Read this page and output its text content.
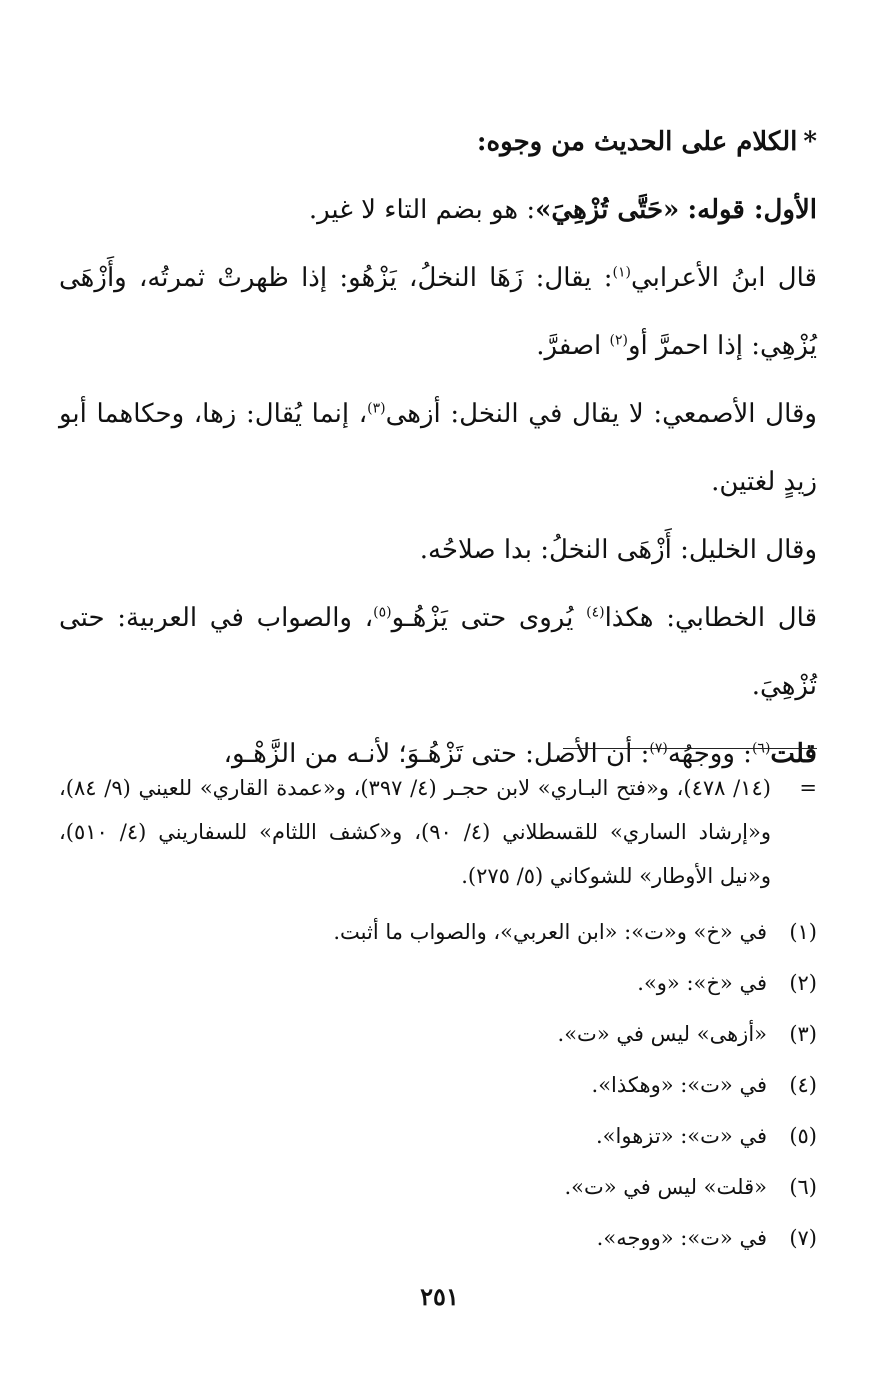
*الكلام على الحديث من وجوه:

الأول: قوله: «حَتَّى تُزْهِيَ»: هو بضم التاء لا غير.

قال ابنُ الأعرابي$^{(١)}$: يقال: زَهَا النخلُ، يَزْهُو: إذا ظهرتْ ثمرتُه، وأَزْهَى يُزْهِي: إذا احمرَّ أو$^{(٢)}$ اصفرَّ.

وقال الأصمعي: لا يقال في النخل: أزهى$^{(٣)}$، إنما يُقال: زها، وحكاهما أبو زيدٍ لغتين.

وقال الخليل: أَزْهَى النخلُ: بدا صلاحُه.

قال الخطابي: هكذا$^{(٤)}$ يُروى حتى يَزْهُـو$^{(٥)}$، والصواب في العربية: حتى تُزْهِيَ.

قلت$^{(٦)}$: ووجهُه$^{(٧)}$: أن الأصل: حتى تَزْهُـوَ؛ لأنـه من الزَّهْـو،

=
(١٤/ ٤٧٨)، و«فتح البـاري» لابن حجـر (٤/ ٣٩٧)، و«عمدة القاري» للعيني (٩/ ٨٤)، و«إرشاد الساري» للقسطلاني (٤/ ٩٠)، و«كشف اللثام» للسفاريني (٤/ ٥١٠)، و«نيل الأوطار» للشوكاني (٥/ ٢٧٥).
(١)
في «خ» و«ت»: «ابن العربي»، والصواب ما أثبت.
(٢)
في «خ»: «و».
(٣)
«أزهى» ليس في «ت».
(٤)
في «ت»: «وهكذا».
(٥)
في «ت»: «تزهوا».
(٦)
«قلت» ليس في «ت».
(٧)
في «ت»: «ووجه».
٢٥١
